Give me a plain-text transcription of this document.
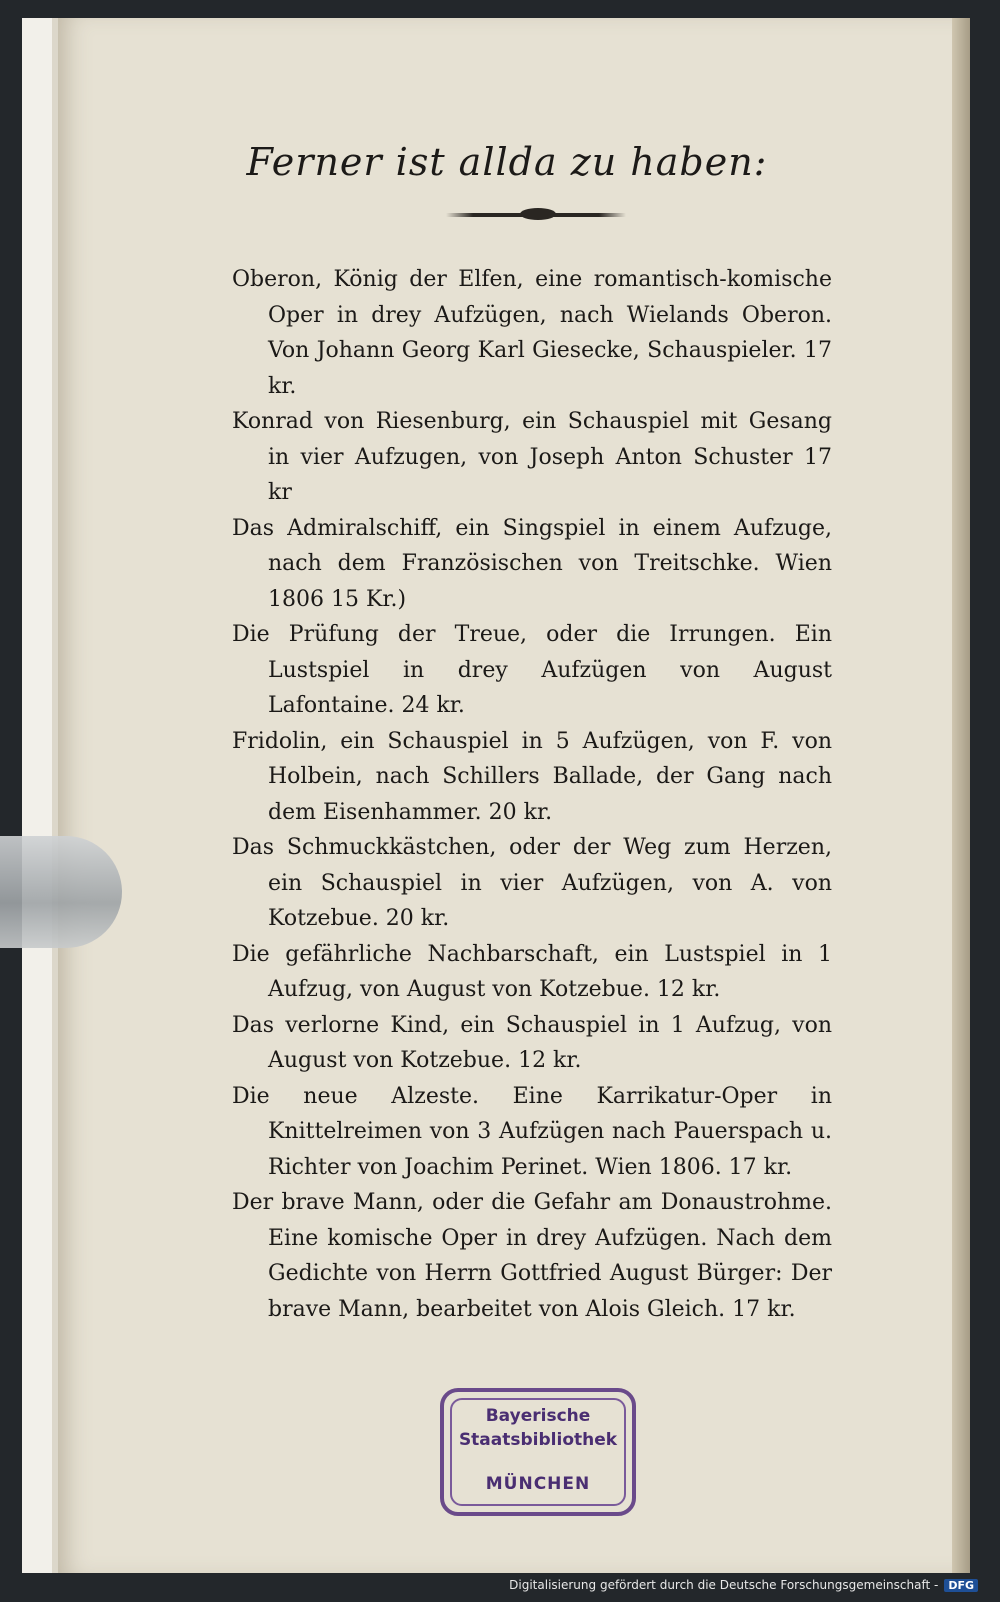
Ferner ist allda zu haben:

Oberon, König der Elfen, eine romantisch-komische Oper in drey Aufzügen, nach Wielands Oberon. Von Johann Georg Karl Giesecke, Schauspieler. 17 kr.

Konrad von Riesenburg, ein Schauspiel mit Gesang in vier Aufzugen, von Joseph Anton Schuster 17 kr

Das Admiralschiff, ein Singspiel in einem Aufzuge, nach dem Französischen von Treitschke. Wien 1806 15 Kr.)

Die Prüfung der Treue, oder die Irrungen. Ein Lustspiel in drey Aufzügen von August Lafontaine. 24 kr.

Fridolin, ein Schauspiel in 5 Aufzügen, von F. von Holbein, nach Schillers Ballade, der Gang nach dem Eisenhammer. 20 kr.

Das Schmuckkästchen, oder der Weg zum Herzen, ein Schauspiel in vier Aufzügen, von A. von Kotzebue. 20 kr.

Die gefährliche Nachbarschaft, ein Lustspiel in 1 Aufzug, von August von Kotzebue. 12 kr.

Das verlorne Kind, ein Schauspiel in 1 Aufzug, von August von Kotzebue. 12 kr.

Die neue Alzeste. Eine Karrikatur-Oper in Knittelreimen von 3 Aufzügen nach Pauerspach u. Richter von Joachim Perinet. Wien 1806. 17 kr.

Der brave Mann, oder die Gefahr am Donaustrohme. Eine komische Oper in drey Aufzügen. Nach dem Gedichte von Herrn Gottfried August Bürger: Der brave Mann, bearbeitet von Alois Gleich. 17 kr.

Bayerische
Staatsbibliothek
MÜNCHEN
Digitalisierung gefördert durch die Deutsche Forschungsgemeinschaft - DFG
